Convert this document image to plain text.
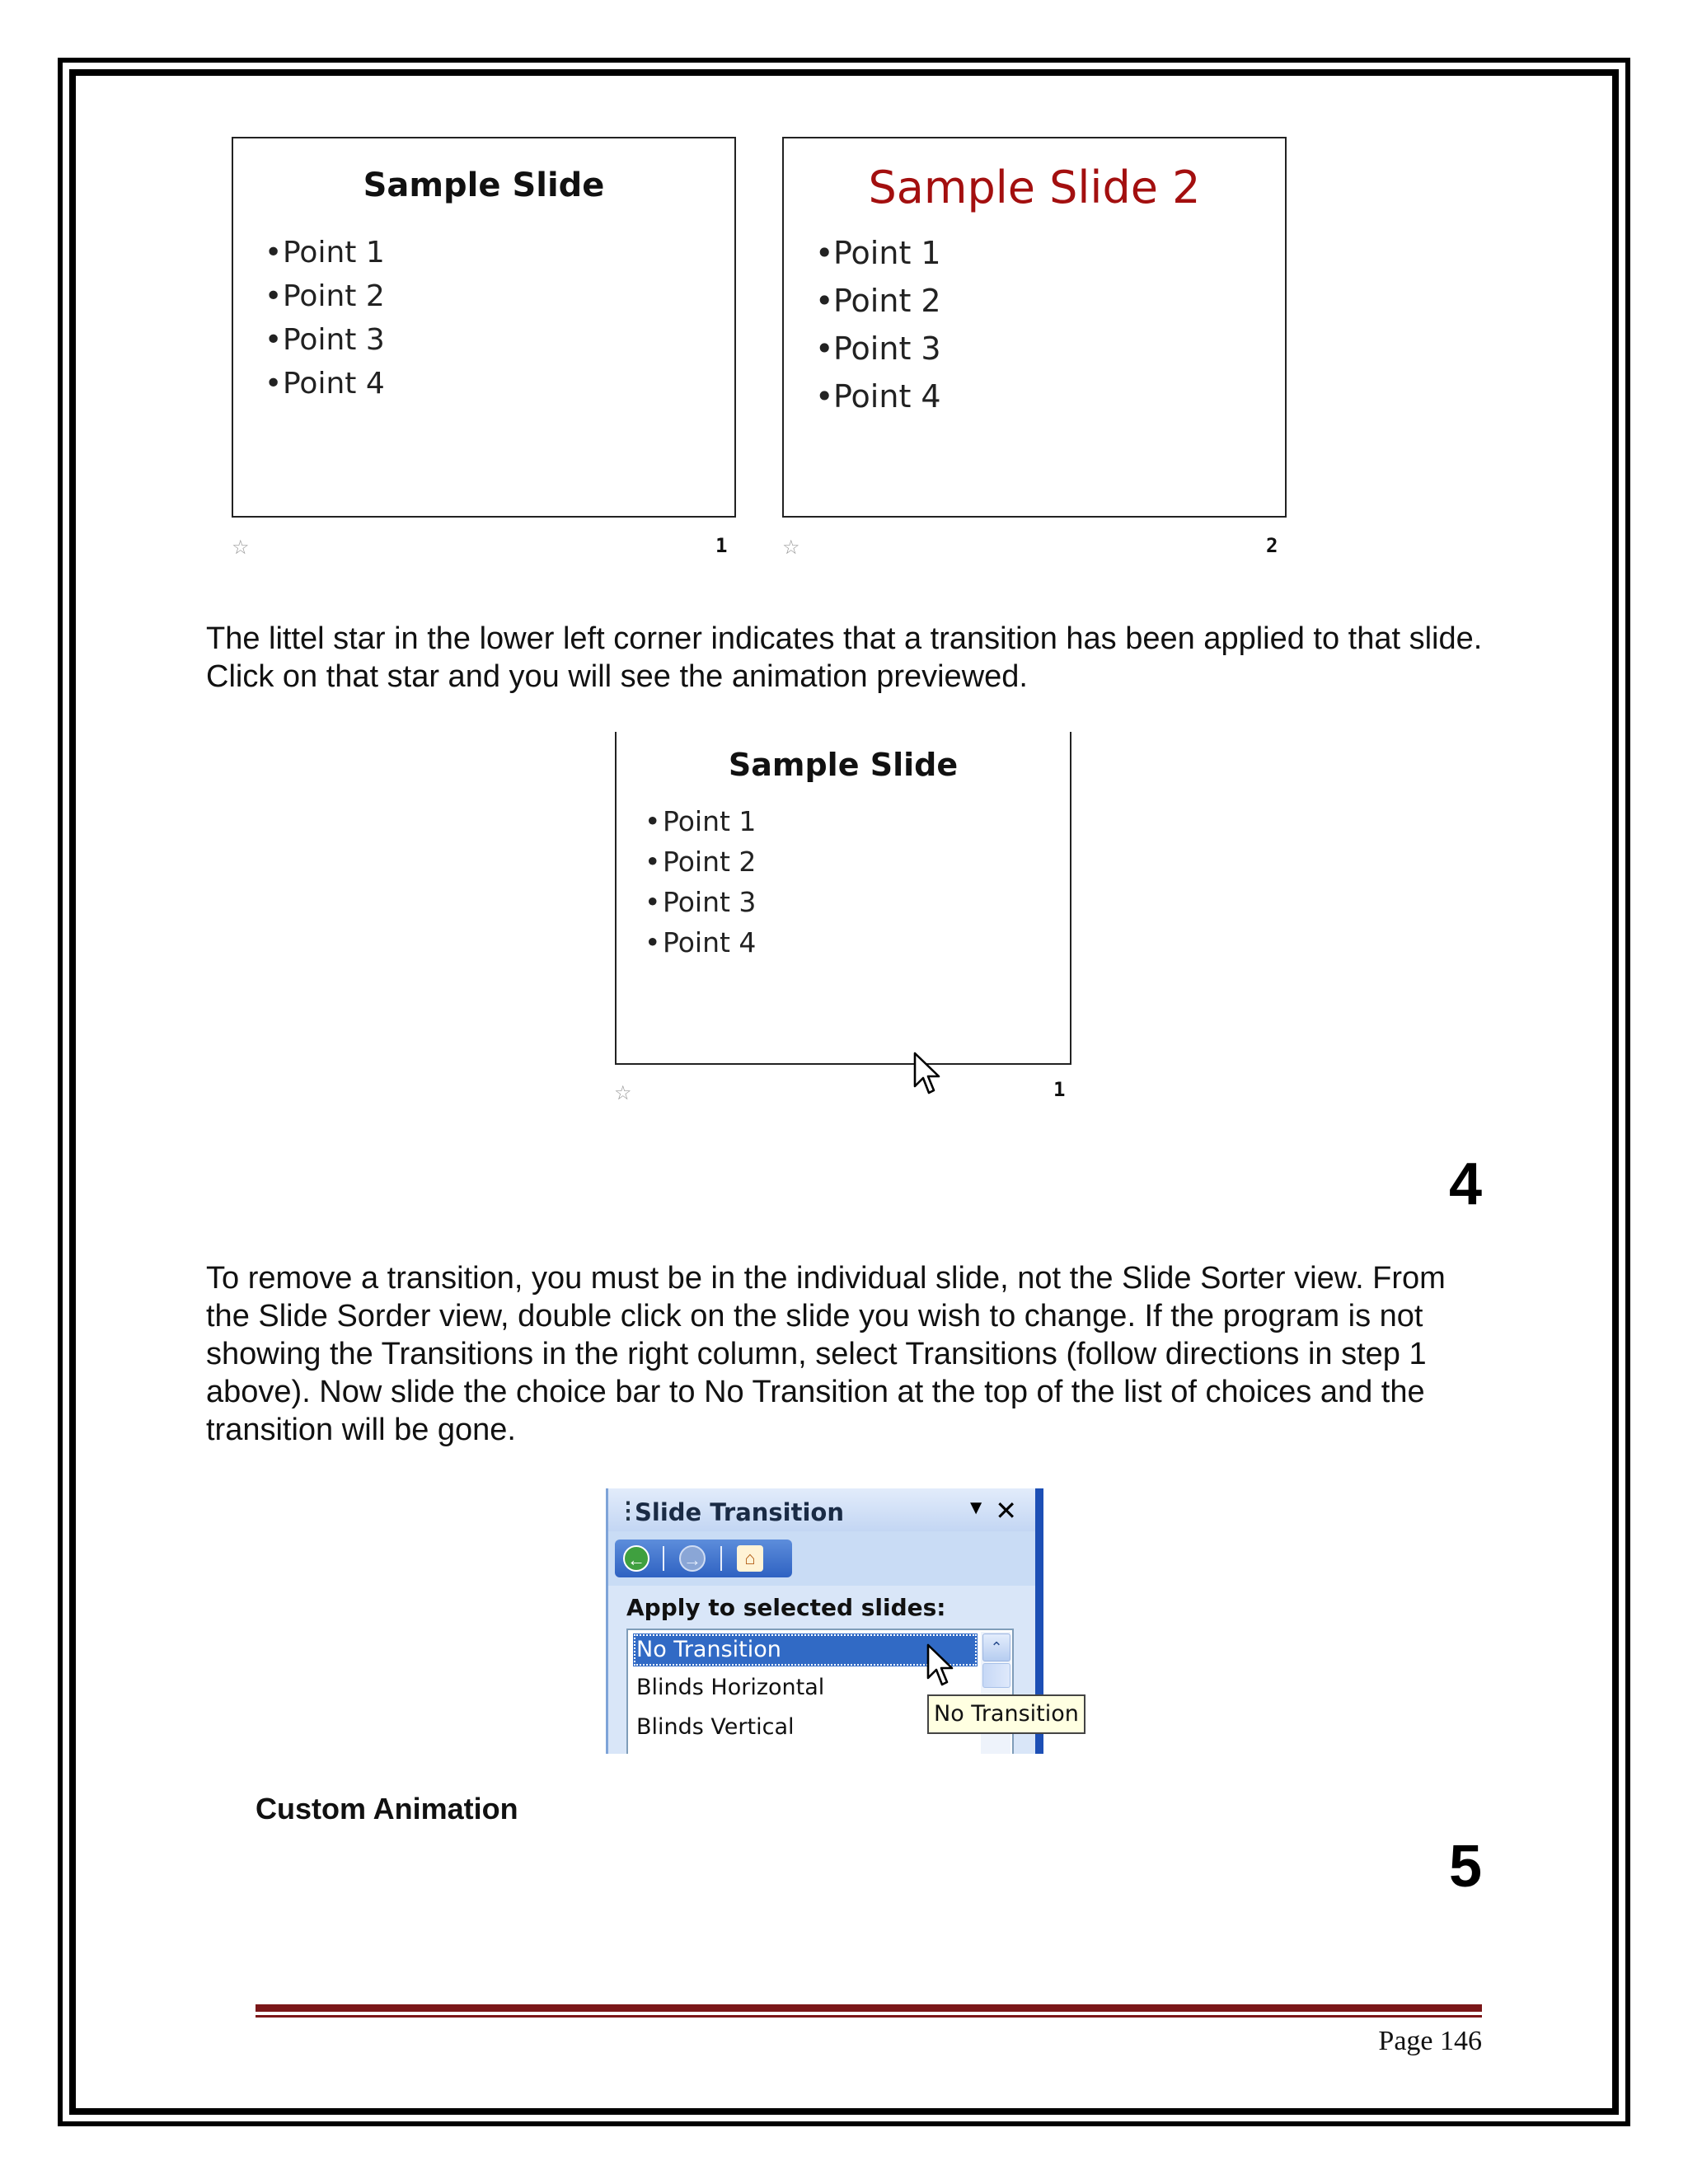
Sample Slide
• Point 1
• Point 2
• Point 3
• Point 4
☆	1
Sample Slide 2
• Point 1
• Point 2
• Point 3
• Point 4
☆	2

The littel star in the lower left corner indicates that a transition has been applied to that slide. Click on that star and you will see the animation previewed.

Sample Slide
• Point 1
• Point 2
• Point 3
• Point 4
☆	1
4

To remove a transition, you must be in the individual slide, not the Slide Sorter view. From the Slide Sorder view, double click on the slide you wish to change. If the program is not showing the Transitions in the right column, select Transitions (follow directions in step 1 above). Now slide the choice bar to No Transition at the top of the list of choices and the transition will be gone.

⋮
Slide Transition	▼ ✕
← →	⌂
Apply to selected slides:
No Transition
Blinds Horizontal
Blinds Vertical
⌃
No Transition
Custom Animation
5
Page 146
